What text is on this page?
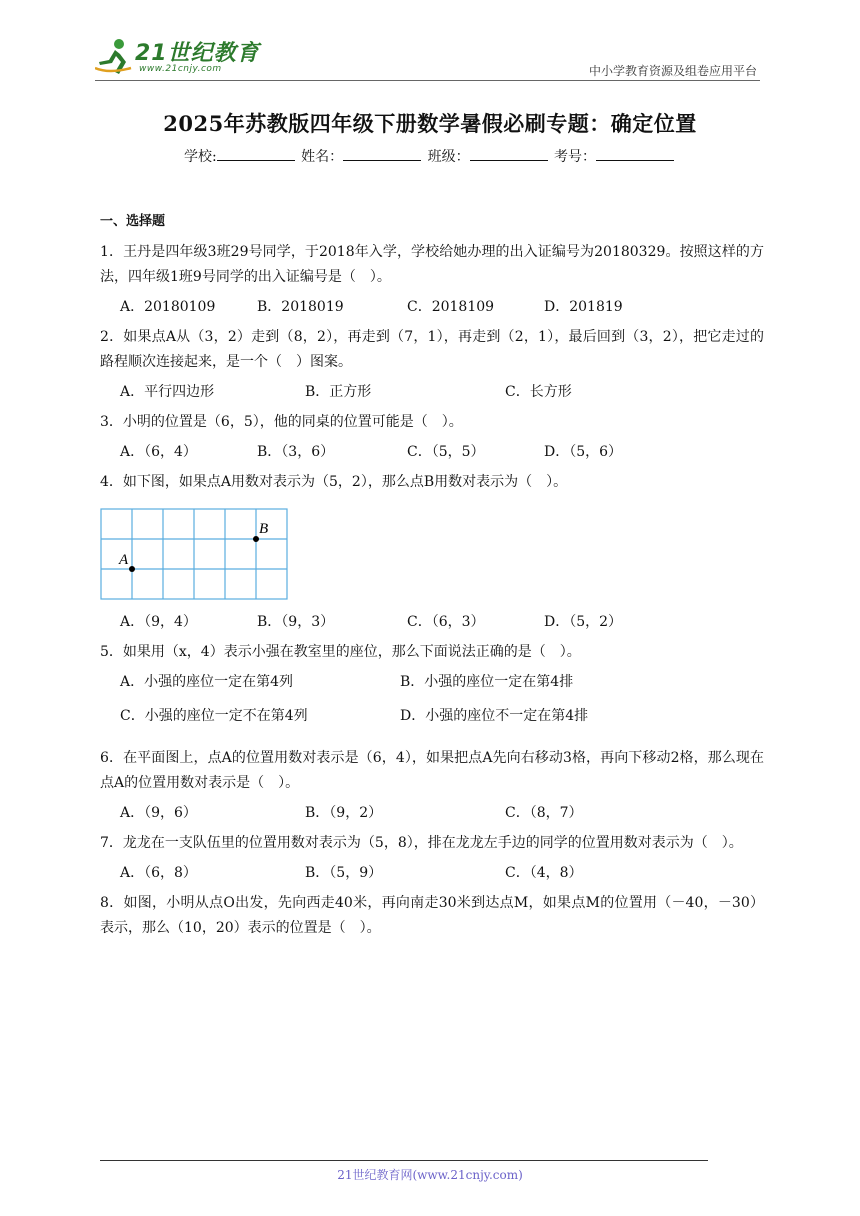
21世纪教育
www.21cnjy.com	中小学教育资源及组卷应用平台
2025年苏教版四年级下册数学暑假必刷专题：确定位置
学校:	姓名：	班级：	考号：
一、选择题
1．王丹是四年级3班29号同学，于2018年入学，学校给她办理的出入证编号为20180329。按照这样的方法，四年级1班9号同学的出入证编号是（　）。
A．20180109	B．2018019	C．2018109	D．201819
2．如果点A从（3，2）走到（8，2），再走到（7，1），再走到（2，1），最后回到（3，2），把它走过的路程顺次连接起来，是一个（　）图案。
A．平行四边形	B．正方形	C．长方形
3．小明的位置是（6，5），他的同桌的位置可能是（　）。
A．（6，4）	B．（3，6）	C．（5，5）	D．（5，6）
4．如下图，如果点A用数对表示为（5，2），那么点B用数对表示为（　）。
A
B
A．（9，4）	B．（9，3）	C．（6，3）	D．（5，2）
5．如果用（x，4）表示小强在教室里的座位，那么下面说法正确的是（　）。
A．小强的座位一定在第4列	B．小强的座位一定在第4排
C．小强的座位一定不在第4列	D．小强的座位不一定在第4排
6．在平面图上，点A的位置用数对表示是（6，4），如果把点A先向右移动3格，再向下移动2格，那么现在点A的位置用数对表示是（　）。
A．（9，6）	B．（9，2）	C．（8，7）
7．龙龙在一支队伍里的位置用数对表示为（5，8），排在龙龙左手边的同学的位置用数对表示为（　）。
A．（6，8）	B．（5，9）	C．（4，8）
8．如图，小明从点O出发，先向西走40米，再向南走30米到达点M，如果点M的位置用（－40，－30）表示，那么（10，20）表示的位置是（　）。
21世纪教育网(www.21cnjy.com)
